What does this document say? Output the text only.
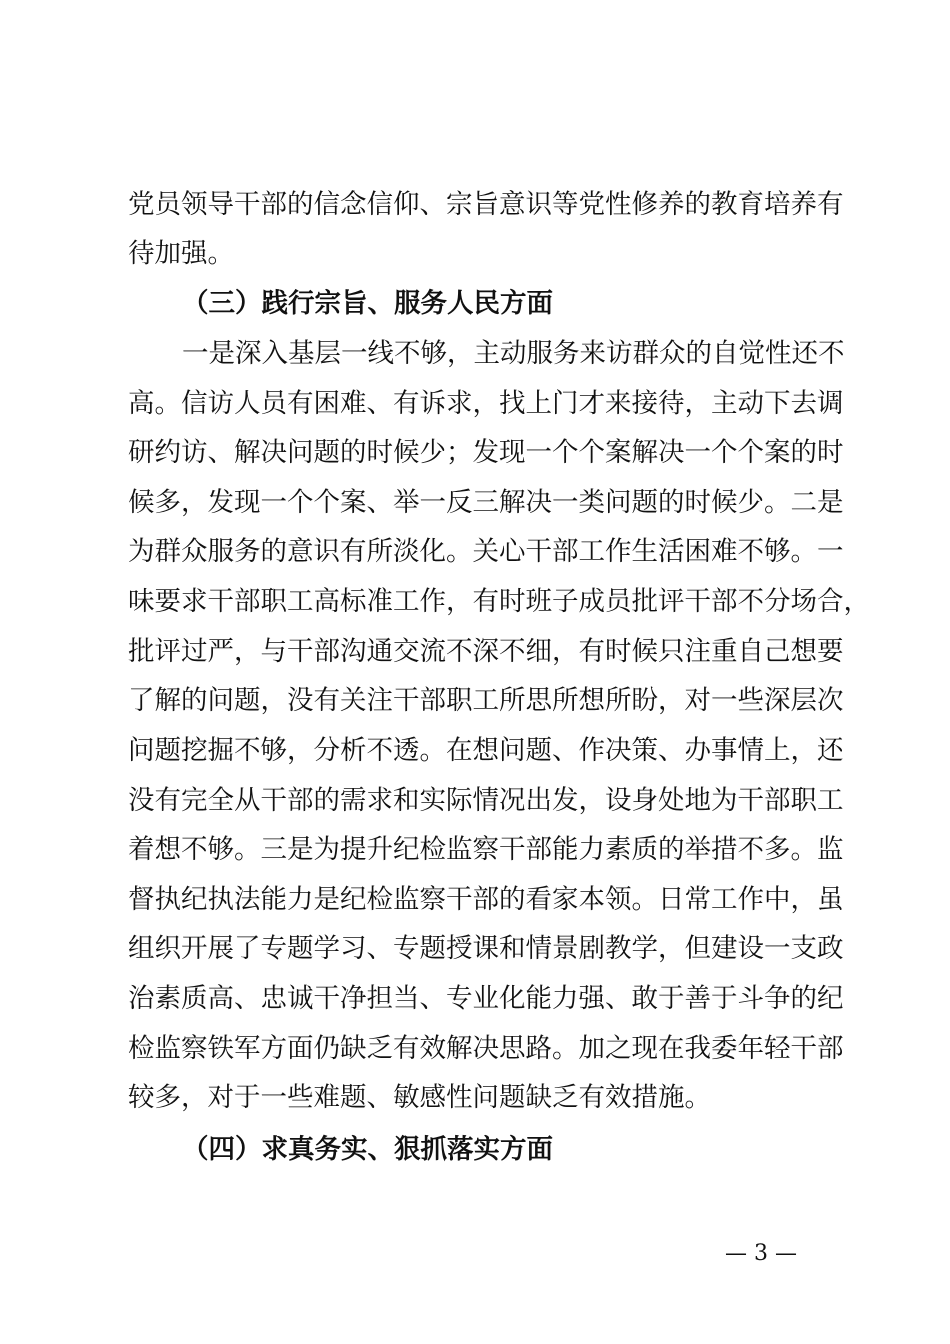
党员领导干部的信念信仰、宗旨意识等党性修养的教育培养有
待加强。
（三）践行宗旨、服务人民方面
一是深入基层一线不够，主动服务来访群众的自觉性还不
高。信访人员有困难、有诉求，找上门才来接待，主动下去调
研约访、解决问题的时候少；发现一个个案解决一个个案的时
候多，发现一个个案、举一反三解决一类问题的时候少。二是
为群众服务的意识有所淡化。关心干部工作生活困难不够。一
味要求干部职工高标准工作，有时班子成员批评干部不分场合，
批评过严，与干部沟通交流不深不细，有时候只注重自己想要
了解的问题，没有关注干部职工所思所想所盼，对一些深层次
问题挖掘不够，分析不透。在想问题、作决策、办事情上，还
没有完全从干部的需求和实际情况出发，设身处地为干部职工
着想不够。三是为提升纪检监察干部能力素质的举措不多。监
督执纪执法能力是纪检监察干部的看家本领。日常工作中，虽
组织开展了专题学习、专题授课和情景剧教学，但建设一支政
治素质高、忠诚干净担当、专业化能力强、敢于善于斗争的纪
检监察铁军方面仍缺乏有效解决思路。加之现在我委年轻干部
较多，对于一些难题、敏感性问题缺乏有效措施。
（四）求真务实、狠抓落实方面
— 3 —
